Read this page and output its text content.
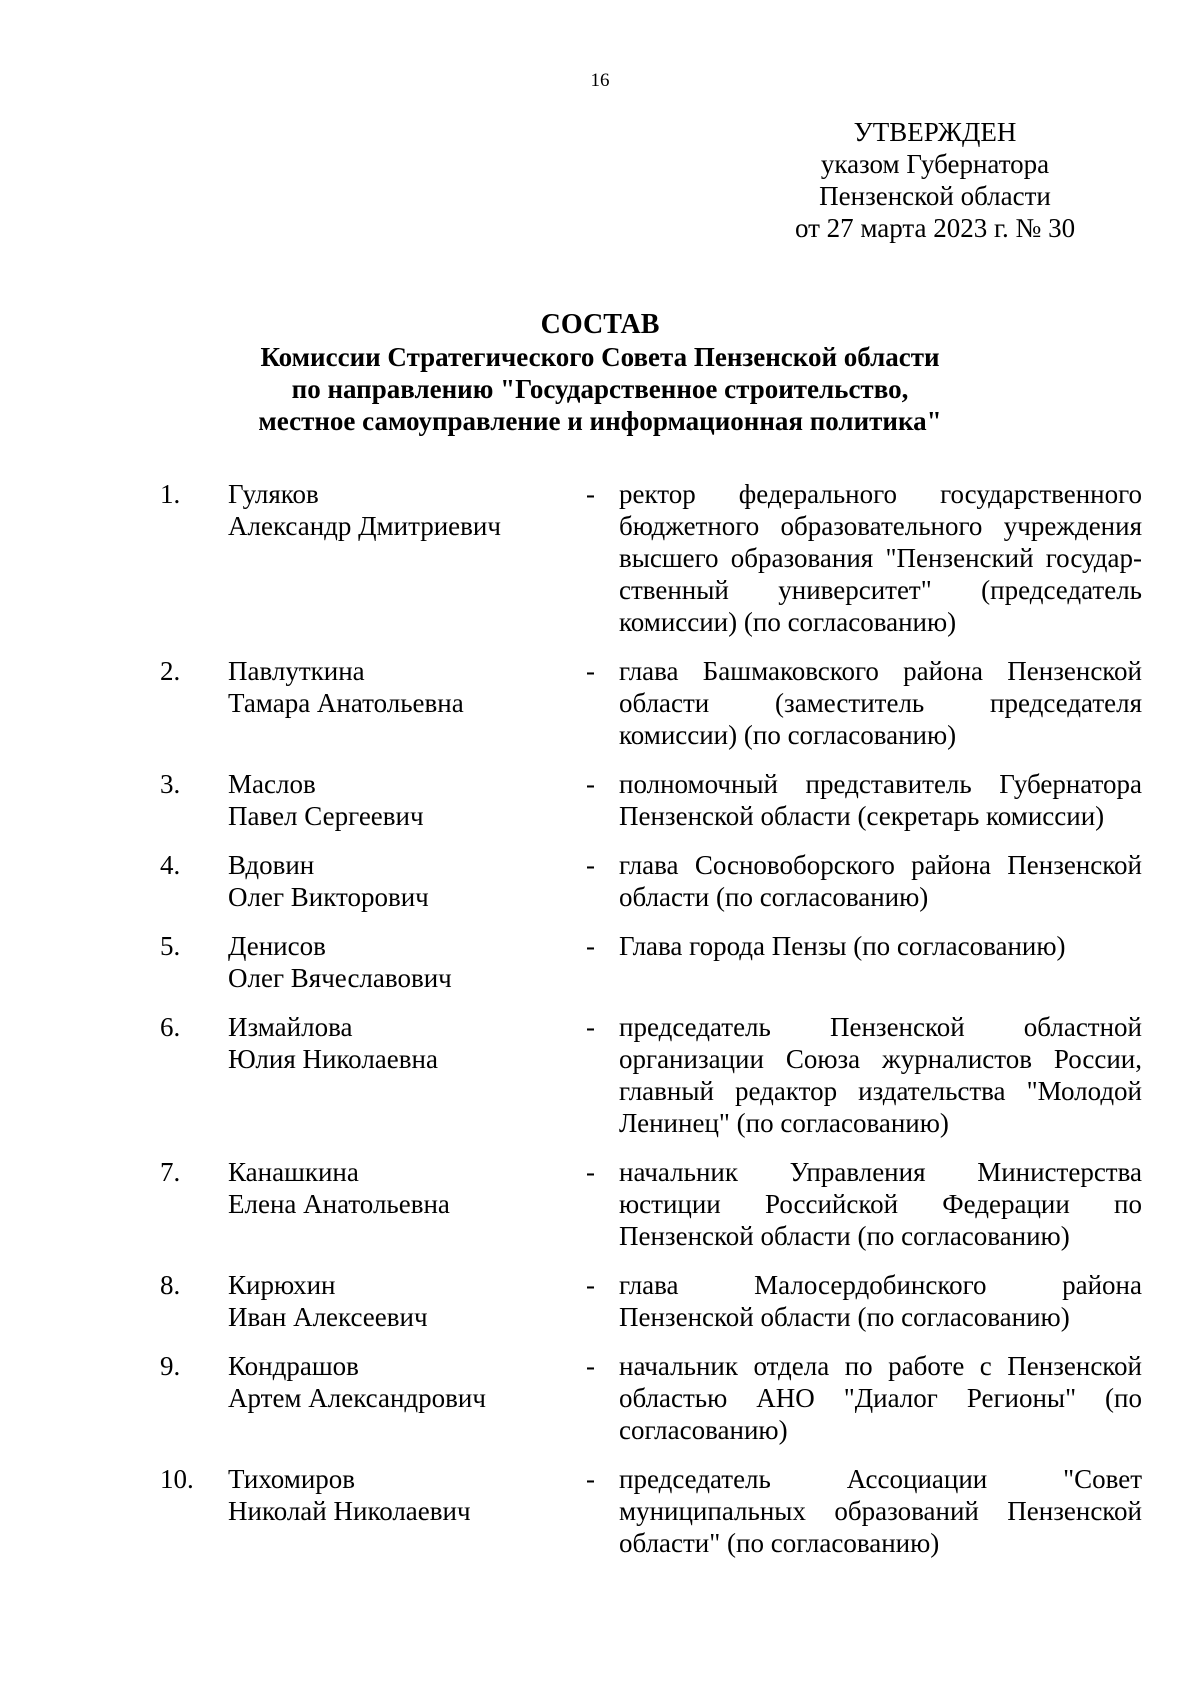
16
УТВЕРЖДЕН
указом Губернатора
Пензенской области
от 27 марта 2023 г. № 30
СОСТАВ
Комиссии Стратегического Совета Пензенской области
по направлению "Государственное строительство,
местное самоуправление и информационная политика"
1.	Гуляков
Александр Дмитриевич
- ректор федерального государственного бюджетного образовательного учреждения высшего образования "Пензенский государ-ственный университет" (председатель комиссии) (по согласованию)
2.	Павлуткина
Тамара Анатольевна
- глава Башмаковского района Пензенской области (заместитель председателя комиссии) (по согласованию)
3.	Маслов
Павел Сергеевич
- полномочный представитель Губернатора Пензенской области (секретарь комиссии)
4.	Вдовин
Олег Викторович
- глава Сосновоборского района Пензенской области (по согласованию)
5.	Денисов
Олег Вячеславович
- Глава города Пензы (по согласованию)
6.	Измайлова
Юлия Николаевна
- председатель Пензенской областной организации Союза журналистов России, главный редактор издательства "Молодой Ленинец" (по согласованию)
7.	Канашкина
Елена Анатольевна
- начальник Управления Министерства юстиции Российской Федерации по Пензенской области (по согласованию)
8.	Кирюхин
Иван Алексеевич
- глава Малосердобинского района Пензенской области (по согласованию)
9.	Кондрашов
Артем Александрович
- начальник отдела по работе с Пензенской областью АНО "Диалог Регионы" (по согласованию)
10.	Тихомиров
Николай Николаевич
- председатель Ассоциации "Совет муниципальных образований Пензенской области" (по согласованию)
